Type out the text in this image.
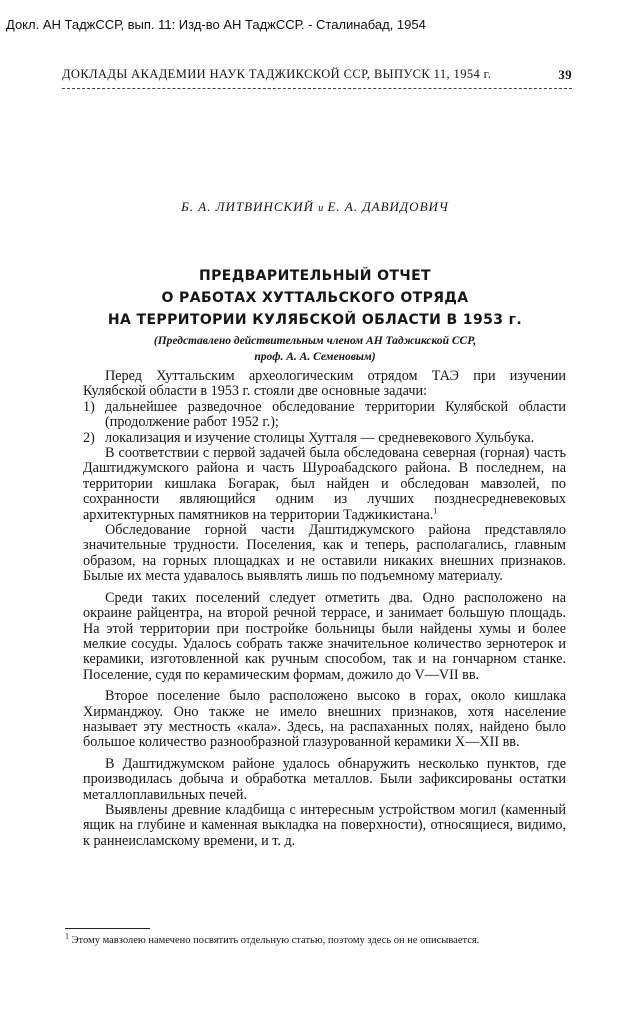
Докл. АН ТаджССР, вып. 11: Изд-во АН ТаджССР. - Сталинабад, 1954
ДОКЛАДЫ АКАДЕМИИ НАУК ТАДЖИКСКОЙ ССР, ВЫПУСК 11, 1954 г.	39
Б. А. ЛИТВИНСКИЙ и Е. А. ДАВИДОВИЧ
ПРЕДВАРИТЕЛЬНЫЙ ОТЧЕТ
О РАБОТАХ ХУТТАЛЬСКОГО ОТРЯДА
НА ТЕРРИТОРИИ КУЛЯБСКОЙ ОБЛАСТИ В 1953 г.
(Представлено действительным членом АН Таджикской ССР,
проф. А. А. Семеновым)

Перед Хуттальским археологическим отрядом ТАЭ при изучении Кулябской области в 1953 г. стояли две основные задачи:

1) дальнейшее разведочное обследование территории Кулябской области (продолжение работ 1952 г.);
2) локализация и изучение столицы Хутталя — средневекового Хульбука.

В соответствии с первой задачей была обследована северная (горная) часть Даштиджумского района и часть Шуроабадского района. В последнем, на территории кишлака Богарак, был найден и обследован мавзолей, по сохранности являющийся одним из лучших позднесредневековых архитектурных памятников на территории Таджикистана.$^1$

Обследование горной части Даштиджумского района представляло значительные трудности. Поселения, как и теперь, располагались, главным образом, на горных площадках и не оставили никаких внешних признаков. Былые их места удавалось выявлять лишь по подъемному материалу.

Среди таких поселений следует отметить два. Одно расположено на окраине райцентра, на второй речной террасе, и занимает большую площадь. На этой территории при постройке больницы были найдены хумы и более мелкие сосуды. Удалось собрать также значительное количество зернотерок и керамики, изготовленной как ручным способом, так и на гончарном станке. Поселение, судя по керамическим формам, дожило до V—VII вв.

Второе поселение было расположено высоко в горах, около кишлака Хирманджоу. Оно также не имело внешних признаков, хотя население называет эту местность «кала». Здесь, на распаханных полях, найдено было большое количество разнообразной глазурованной керамики X—XII вв.

В Даштиджумском районе удалось обнаружить несколько пунктов, где производилась добыча и обработка металлов. Были зафиксированы остатки металлоплавильных печей.

Выявлены древние кладбища с интересным устройством могил (каменный ящик на глубине и каменная выкладка на поверхности), относящиеся, видимо, к раннеисламскому времени, и т. д.

$^1$ Этому мавзолею намечено посвятить отдельную статью, поэтому здесь он не описывается.
